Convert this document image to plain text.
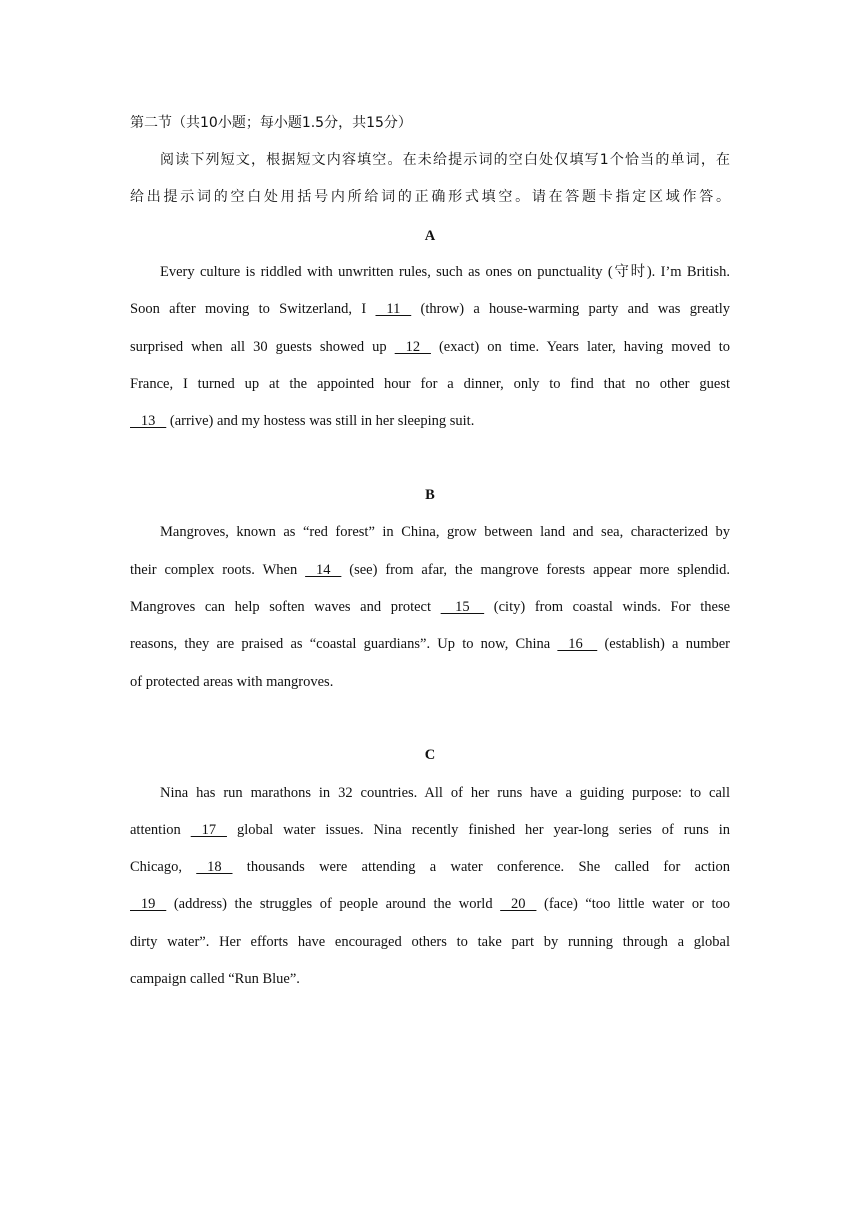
第二节（共10小题；每小题1.5分，共15分）
阅读下列短文，根据短文内容填空。在未给提示词的空白处仅填写1个恰当的单词，在
给出提示词的空白处用括号内所给词的正确形式填空。请在答题卡指定区域作答。
A
Every culture is riddled with unwritten rules, such as ones on punctuality (守时). I’m British.
Soon after moving to Switzerland, I    11    (throw) a house-warming party and was greatly
surprised when all 30 guests showed up    12    (exact) on time. Years later, having moved to
France, I turned up at the appointed hour for a dinner, only to find that no other guest
13    (arrive) and my hostess was still in her sleeping suit.
B
Mangroves, known as “red forest” in China, grow between land and sea, characterized by
their complex roots. When    14    (see) from afar, the mangrove forests appear more splendid.
Mangroves can help soften waves and protect     15     (city) from coastal winds. For these
reasons, they are praised as “coastal guardians”. Up to now, China    16     (establish) a number
of protected areas with mangroves.
C
Nina has run marathons in 32 countries. All of her runs have a guiding purpose: to call
attention    17    global water issues. Nina recently finished her year-long series of runs in
Chicago,    18    thousands were attending a water conference. She called for action
19    (address) the struggles of people around the world    20    (face) “too little water or too
dirty water”. Her efforts have encouraged others to take part by running through a global
campaign called “Run Blue”.
